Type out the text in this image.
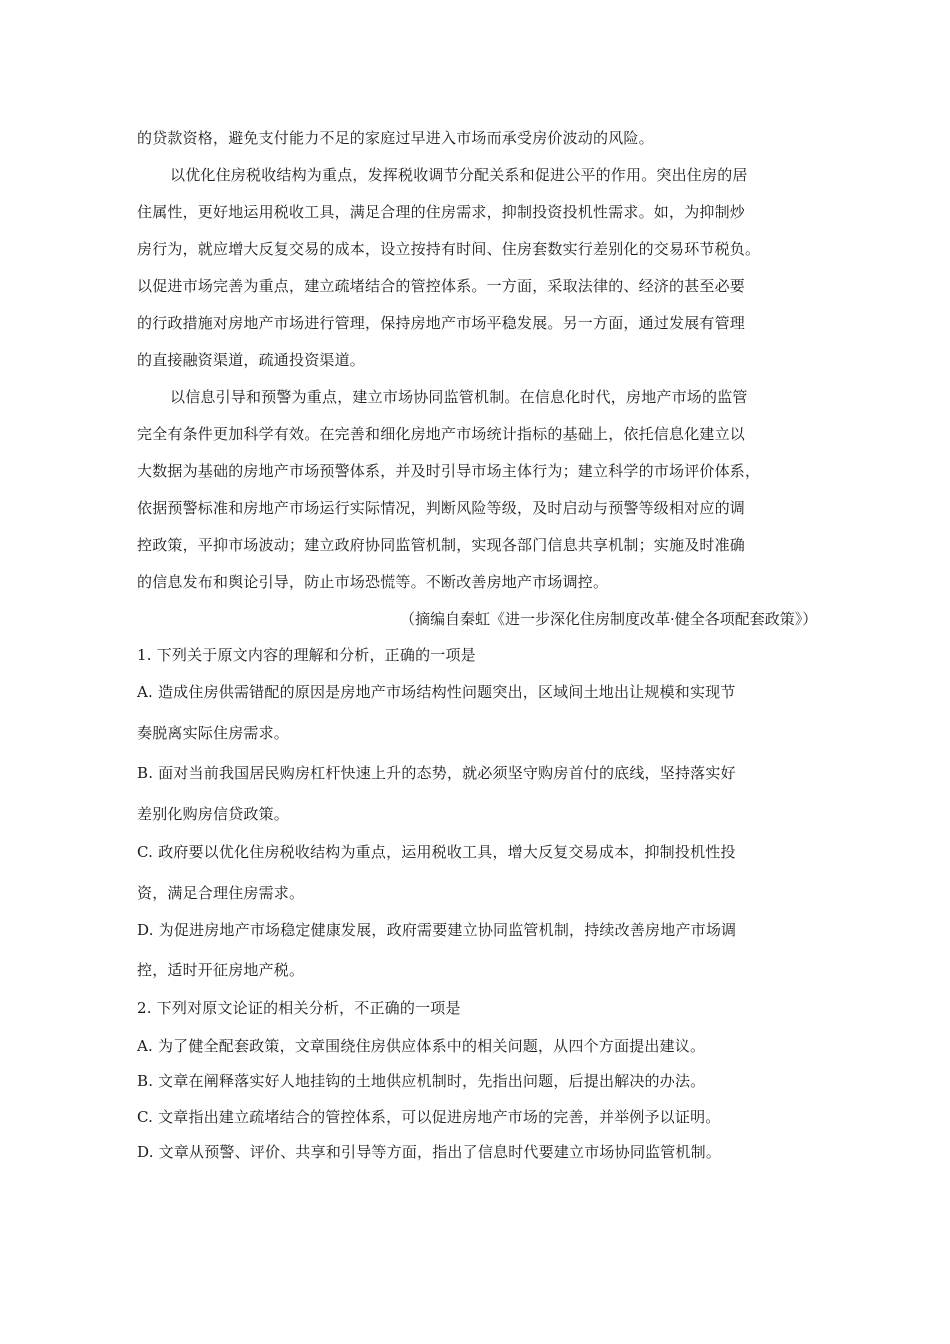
的贷款资格，避免支付能力不足的家庭过早进入市场而承受房价波动的风险。
以优化住房税收结构为重点，发挥税收调节分配关系和促进公平的作用。突出住房的居
住属性，更好地运用税收工具，满足合理的住房需求，抑制投资投机性需求。如，为抑制炒
房行为，就应增大反复交易的成本，设立按持有时间、住房套数实行差别化的交易环节税负。
以促进市场完善为重点，建立疏堵结合的管控体系。一方面，采取法律的、经济的甚至必要
的行政措施对房地产市场进行管理，保持房地产市场平稳发展。另一方面，通过发展有管理
的直接融资渠道，疏通投资渠道。
以信息引导和预警为重点，建立市场协同监管机制。在信息化时代，房地产市场的监管
完全有条件更加科学有效。在完善和细化房地产市场统计指标的基础上，依托信息化建立以
大数据为基础的房地产市场预警体系，并及时引导市场主体行为；建立科学的市场评价体系，
依据预警标准和房地产市场运行实际情况，判断风险等级，及时启动与预警等级相对应的调
控政策，平抑市场波动；建立政府协同监管机制，实现各部门信息共享机制；实施及时准确
的信息发布和舆论引导，防止市场恐慌等。不断改善房地产市场调控。
（摘编自秦虹《进一步深化住房制度改革·健全各项配套政策》）
1. 下列关于原文内容的理解和分析，正确的一项是
A. 造成住房供需错配的原因是房地产市场结构性问题突出，区域间土地出让规模和实现节
奏脱离实际住房需求。
B. 面对当前我国居民购房杠杆快速上升的态势，就必须坚守购房首付的底线，坚持落实好
差别化购房信贷政策。
C. 政府要以优化住房税收结构为重点，运用税收工具，增大反复交易成本，抑制投机性投
资，满足合理住房需求。
D. 为促进房地产市场稳定健康发展，政府需要建立协同监管机制，持续改善房地产市场调
控，适时开征房地产税。
2. 下列对原文论证的相关分析，不正确的一项是
A. 为了健全配套政策，文章围绕住房供应体系中的相关问题，从四个方面提出建议。
B. 文章在阐释落实好人地挂钩的土地供应机制时，先指出问题，后提出解决的办法。
C. 文章指出建立疏堵结合的管控体系，可以促进房地产市场的完善，并举例予以证明。
D. 文章从预警、评价、共享和引导等方面，指出了信息时代要建立市场协同监管机制。
